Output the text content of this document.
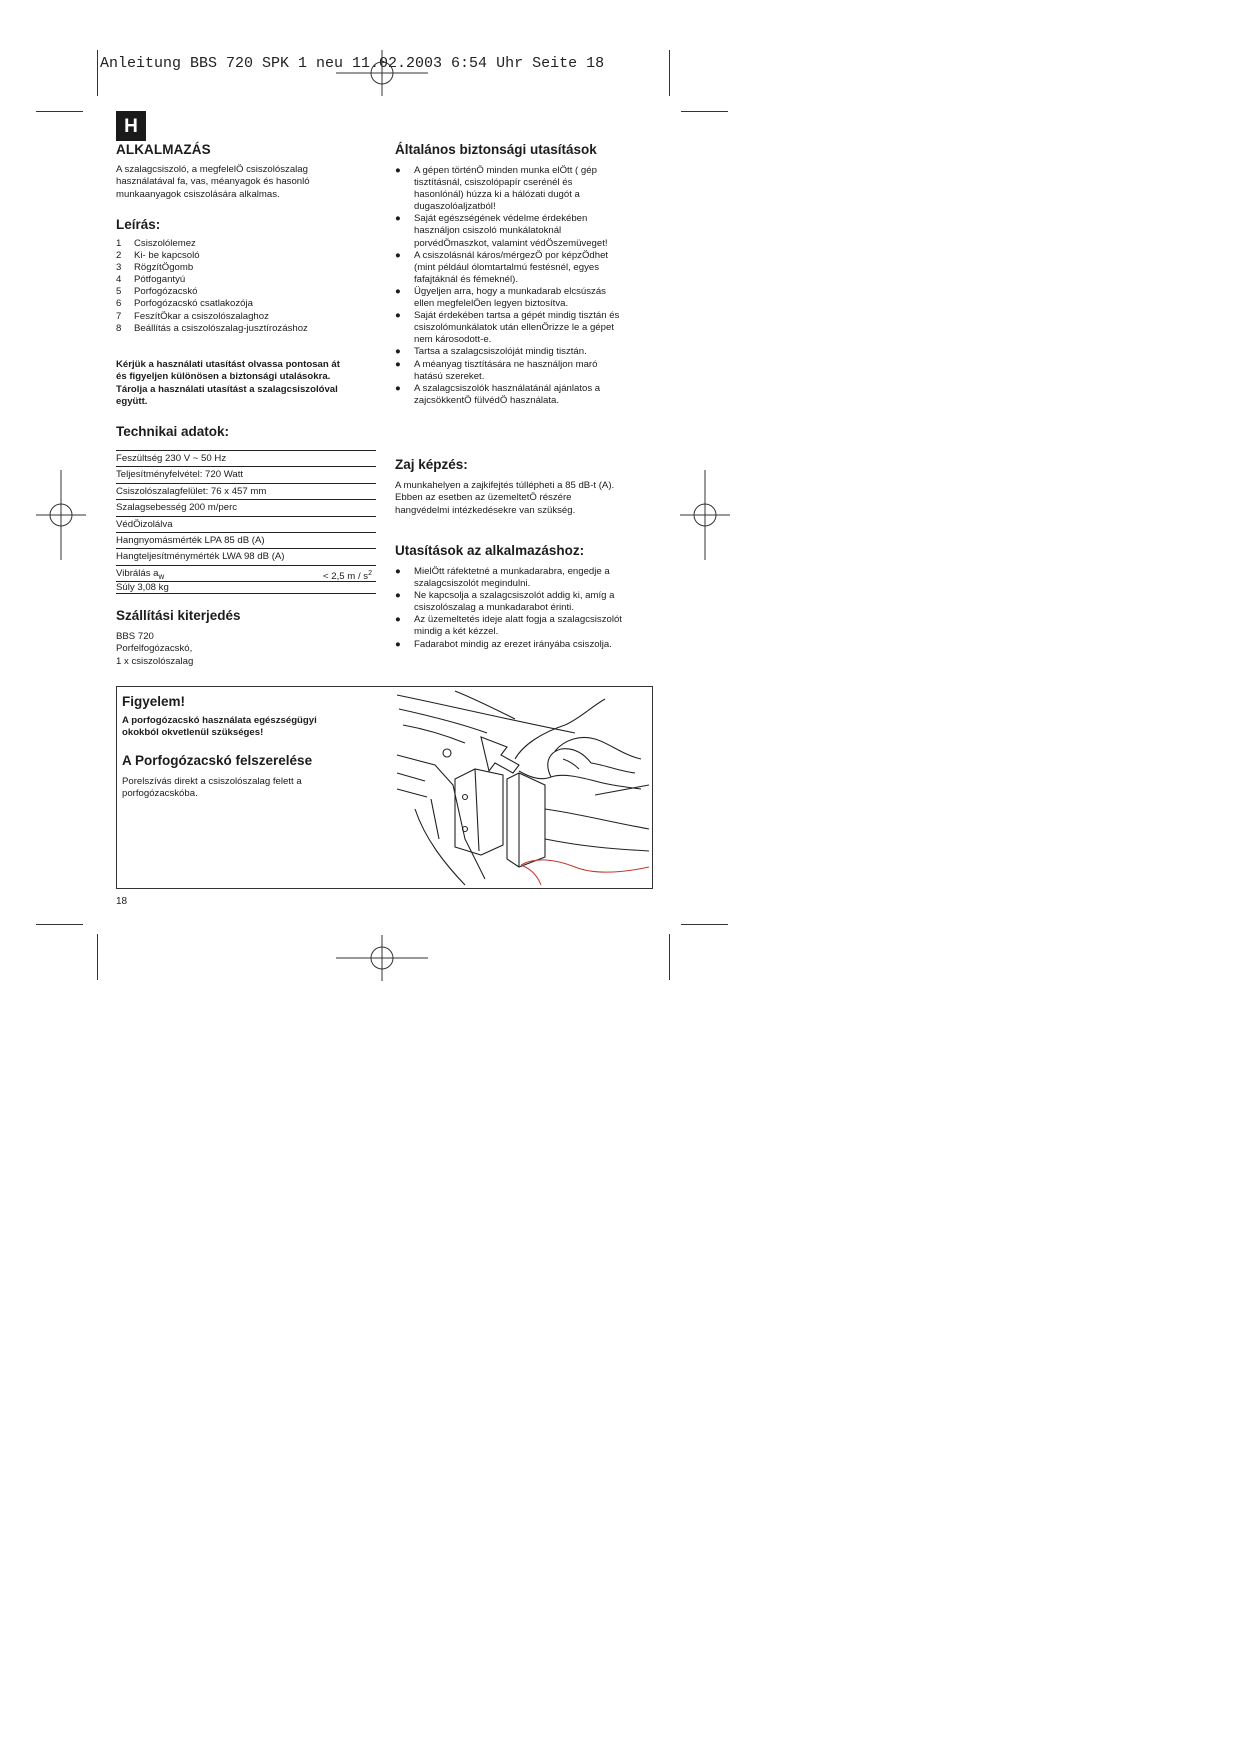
Anleitung BBS 720 SPK 1 neu 11.02.2003 6:54 Uhr Seite 18
H
ALKALMAZÁS
A szalagcsiszoló, a megfelelÖ csiszolószalag
használatával fa, vas, méanyagok és hasonló
munkaanyagok csiszolására alkalmas.
Leírás:
1	Csiszolólemez
2	Ki- be kapcsoló
3	RögzítÖgomb
4	Pótfogantyú
5	Porfogózacskó
6	Porfogózacskó csatlakozója
7	FeszítÖkar a csiszolószalaghoz
8	Beállítás a csiszolószalag-jusztírozáshoz
Kérjük a használati utasítást olvassa pontosan át
és figyeljen különösen a biztonsági utalásokra.
Tárolja a használati utasítást a szalagcsiszolóval
együtt.
Technikai adatok:
Feszültség 230 V ~ 50 Hz
Teljesítményfelvétel: 720 Watt
Csiszolószalagfelület: 76 x 457 mm
Szalagsebesség 200 m/perc
VédÖizolálva
Hangnyomásmérték LPA 85 dB (A)
Hangteljesítménymérték LWA 98 dB (A)
Vibrálás $a_w$	< 2,5 m / $s^2$
Súly 3,08 kg
Szállítási kiterjedés
BBS 720
Porfelfogózacskó,
1 x csiszolószalag
Általános biztonsági utasítások
● A gépen történÖ minden munka elÖtt ( gép
tisztításnál, csiszolópapír cserénél és
hasonlónál) húzza ki a hálózati dugót a
dugaszolóaljzatból!
● Saját egészségének védelme érdekében
használjon csiszoló munkálatoknál
porvédÖmaszkot, valamint védÖszemüveget!
● A csiszolásnál káros/mérgezÖ por képzÖdhet
(mint például ólomtartalmú festésnél, egyes
fafajtáknál és fémeknél).
● Ügyeljen arra, hogy a munkadarab elcsúszás
ellen megfelelÖen legyen biztosítva.
● Saját érdekében tartsa a gépét mindig tisztán és
csiszolómunkálatok után ellenÖrizze le a gépet
nem károsodott-e.
● Tartsa a szalagcsiszolóját mindig tisztán.
● A méanyag tisztítására ne használjon maró
hatású szereket.
● A szalagcsiszolók használatánál ajánlatos a
zajcsökkentÖ fülvédÖ használata.
Zaj képzés:
A munkahelyen a zajkifejtés túllépheti a 85 dB-t (A).
Ebben az esetben az üzemeltetÖ részére
hangvédelmi intézkedésekre van szükség.
Utasítások az alkalmazáshoz:
● MielÖtt ráfektetné a munkadarabra, engedje a
szalagcsiszolót megindulni.
● Ne kapcsolja a szalagcsiszolót addig ki, amíg a
csiszolószalag a munkadarabot érinti.
● Az üzemeltetés ideje alatt fogja a szalagcsiszolót
mindig a két kézzel.
● Fadarabot mindig az erezet irányába csiszolja.
Figyelem!
A porfogózacskó használata egészségügyi
okokból okvetlenül szükséges!
A Porfogózacskó felszerelése
Porelszívás direkt a csiszolószalag felett a
porfogózacskóba.
18
